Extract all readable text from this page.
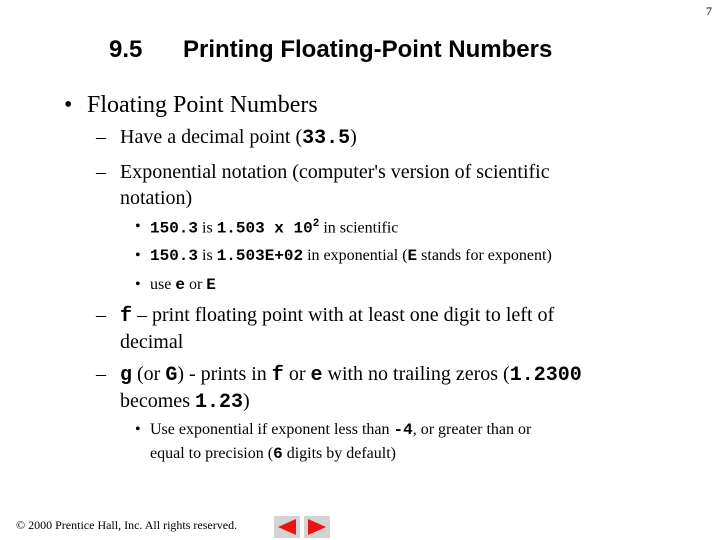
7
9.5 Printing Floating-Point Numbers
• Floating Point Numbers
– Have a decimal point (33.5)
– Exponential notation (computer's version of scientific
notation)
• 150.3 is 1.503 x $10^2$ in scientific
• 150.3 is 1.503E+02 in exponential (E stands for exponent)
• use e or E
– f – print floating point with at least one digit to left of
decimal
– g (or G) - prints in f or e with no trailing zeros (1.2300
becomes 1.23)
• Use exponential if exponent less than -4, or greater than or
equal to precision (6 digits by default)
© 2000 Prentice Hall, Inc. All rights reserved.
